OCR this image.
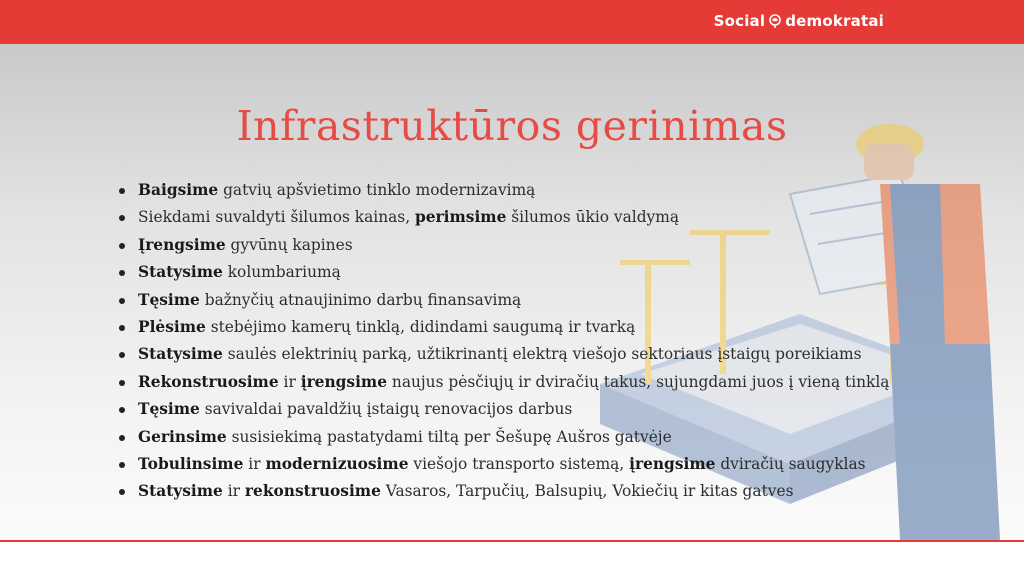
Social demokratai
Infrastruktūros gerinimas
Baigsime gatvių apšvietimo tinklo modernizavimą
Siekdami suvaldyti šilumos kainas, perimsime šilumos ūkio valdymą
Įrengsime gyvūnų kapines
Statysime kolumbariumą
Tęsime bažnyčių atnaujinimo darbų finansavimą
Plėsime stebėjimo kamerų tinklą, didindami saugumą ir tvarką
Statysime saulės elektrinių parką, užtikrinantį elektrą viešojo sektoriaus įstaigų poreikiams
Rekonstruosime ir įrengsime naujus pėsčiųjų ir dviračių takus, sujungdami juos į vieną tinklą
Tęsime savivaldai pavaldžių įstaigų renovacijos darbus
Gerinsime susisiekimą pastatydami tiltą per Šešupę Aušros gatvėje
Tobulinsime ir modernizuosime viešojo transporto sistemą, įrengsime dviračių saugyklas
Statysime ir rekonstruosime Vasaros, Tarpučių, Balsupių, Vokiečių ir kitas gatves
